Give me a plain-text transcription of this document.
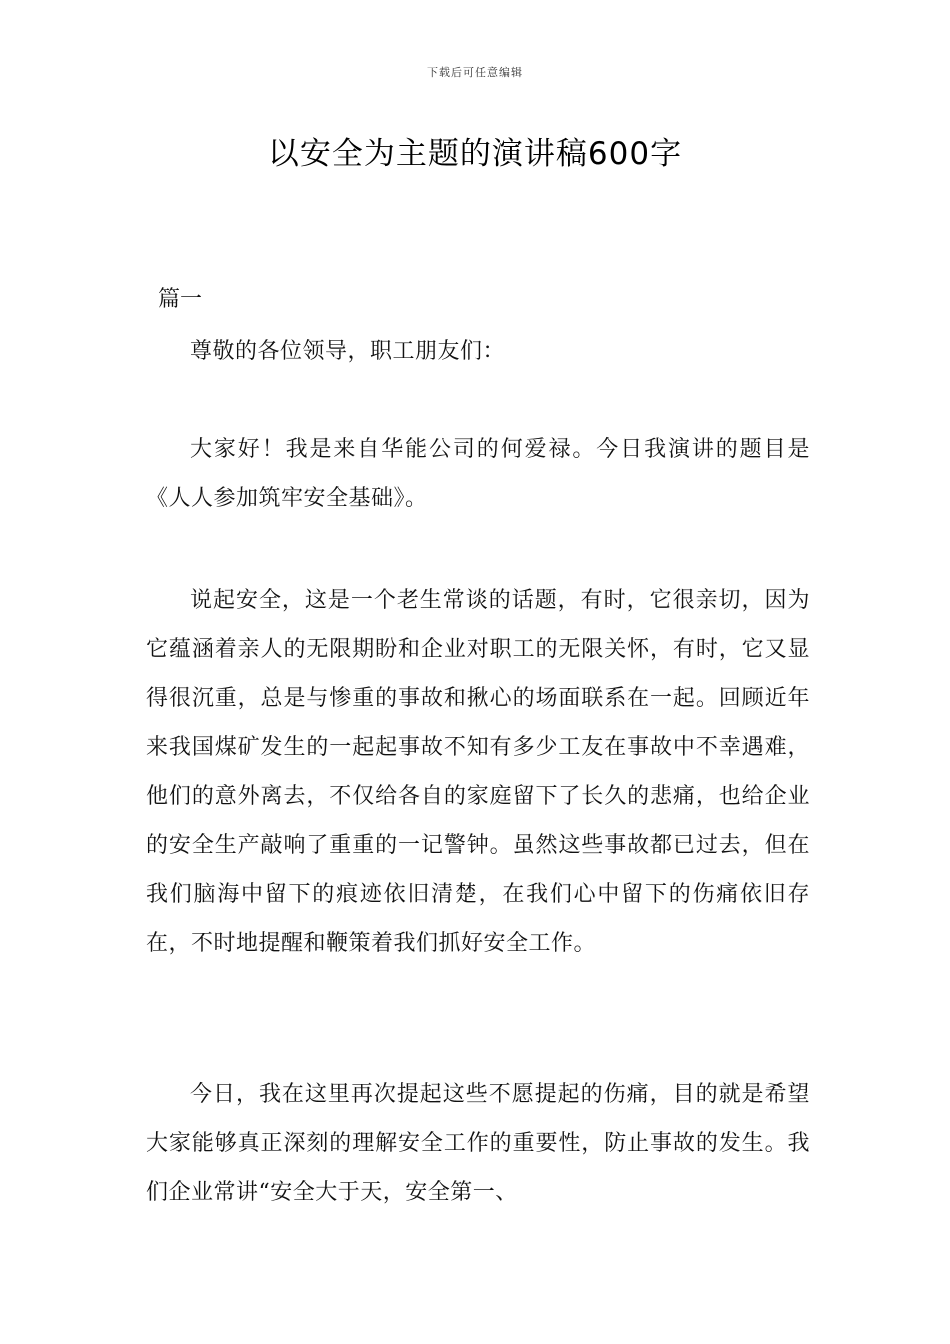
下载后可任意编辑
以安全为主题的演讲稿600字
篇一

尊敬的各位领导，职工朋友们：

大家好！我是来自华能公司的何爱禄。今日我演讲的题目是《人人参加筑牢安全基础》。

说起安全，这是一个老生常谈的话题，有时，它很亲切，因为它蕴涵着亲人的无限期盼和企业对职工的无限关怀，有时，它又显得很沉重，总是与惨重的事故和揪心的场面联系在一起。回顾近年来我国煤矿发生的一起起事故不知有多少工友在事故中不幸遇难，他们的意外离去，不仅给各自的家庭留下了长久的悲痛，也给企业的安全生产敲响了重重的一记警钟。虽然这些事故都已过去，但在我们脑海中留下的痕迹依旧清楚，在我们心中留下的伤痛依旧存在，不时地提醒和鞭策着我们抓好安全工作。

今日，我在这里再次提起这些不愿提起的伤痛，目的就是希望大家能够真正深刻的理解安全工作的重要性，防止事故的发生。我们企业常讲“安全大于天，安全第一、
